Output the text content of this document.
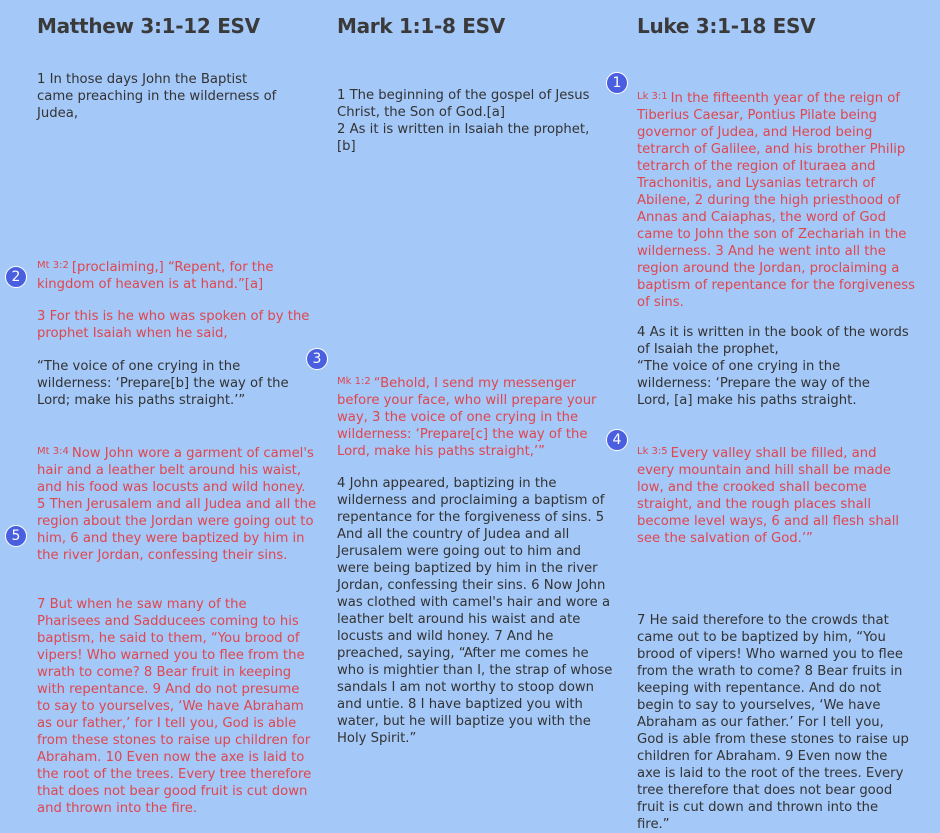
Matthew 3:1-12 ESV	Mark 1:1-8 ESV	Luke 3:1-18 ESV
1
2
3
4
5

1 In those days John the Baptist came preaching in the wilderness of Judea,

$^{Mt 3:2}$ [proclaiming,] “Repent, for the kingdom of heaven is at hand.”[a]

3 For this is he who was spoken of by the prophet Isaiah when he said,

“The voice of one crying in the wilderness: ‘Prepare[b] the way of the Lord; make his paths straight.’”

$^{Mt 3:4}$ Now John wore a garment of camel's hair and a leather belt around his waist, and his food was locusts and wild honey. 5 Then Jerusalem and all Judea and all the region about the Jordan were going out to him, 6 and they were baptized by him in the river Jordan, confessing their sins.

7 But when he saw many of the Pharisees and Sadducees coming to his baptism, he said to them, “You brood of vipers! Who warned you to flee from the wrath to come? 8 Bear fruit in keeping with repentance. 9 And do not presume to say to yourselves, ‘We have Abraham as our father,’ for I tell you, God is able from these stones to raise up children for Abraham. 10 Even now the axe is laid to the root of the trees. Every tree therefore that does not bear good fruit is cut down and thrown into the fire.

1 The beginning of the gospel of Jesus Christ, the Son of God.[a]

2 As it is written in Isaiah the prophet,[b]

$^{Mk 1:2}$ “Behold, I send my messenger before your face, who will prepare your way, 3 the voice of one crying in the wilderness: ‘Prepare[c] the way of the Lord, make his paths straight,’”

4 John appeared, baptizing in the wilderness and proclaiming a baptism of repentance for the forgiveness of sins. 5 And all the country of Judea and all Jerusalem were going out to him and were being baptized by him in the river Jordan, confessing their sins. 6 Now John was clothed with camel's hair and wore a leather belt around his waist and ate locusts and wild honey. 7 And he preached, saying, “After me comes he who is mightier than I, the strap of whose sandals I am not worthy to stoop down and untie. 8 I have baptized you with water, but he will baptize you with the Holy Spirit.”

$^{Lk 3:1}$ In the fifteenth year of the reign of Tiberius Caesar, Pontius Pilate being governor of Judea, and Herod being tetrarch of Galilee, and his brother Philip tetrarch of the region of Ituraea and Trachonitis, and Lysanias tetrarch of Abilene, 2 during the high priesthood of Annas and Caiaphas, the word of God came to John the son of Zechariah in the wilderness. 3 And he went into all the region around the Jordan, proclaiming a baptism of repentance for the forgiveness of sins.

4 As it is written in the book of the words of Isaiah the prophet,

“The voice of one crying in the wilderness: ‘Prepare the way of the Lord, [a] make his paths straight.

$^{Lk 3:5}$ Every valley shall be filled, and every mountain and hill shall be made low, and the crooked shall become straight, and the rough places shall become level ways, 6 and all flesh shall see the salvation of God.’”

7 He said therefore to the crowds that came out to be baptized by him, “You brood of vipers! Who warned you to flee from the wrath to come? 8 Bear fruits in keeping with repentance. And do not begin to say to yourselves, ‘We have Abraham as our father.’ For I tell you, God is able from these stones to raise up children for Abraham. 9 Even now the axe is laid to the root of the trees. Every tree therefore that does not bear good fruit is cut down and thrown into the fire.”
